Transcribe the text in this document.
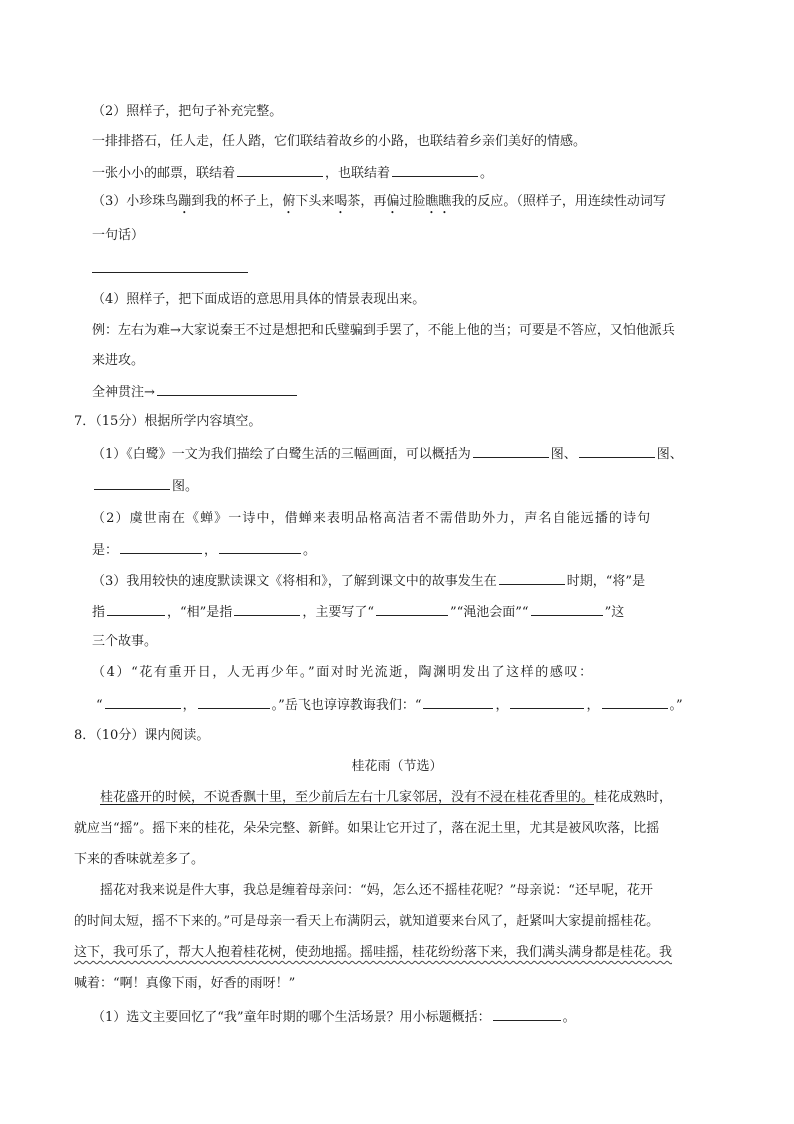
（2）照样子，把句子补充完整。
一排排搭石，任人走，任人踏，它们联结着故乡的小路，也联结着乡亲们美好的情感。
一张小小的邮票，联结着	，也联结着	。
（3）小珍珠鸟蹦到我的杯子上，俯下头来喝茶，再偏过脸瞧瞧我的反应。（照样子，用连续性动词写
一句话）
（4）照样子，把下面成语的意思用具体的情景表现出来。
例：左右为难→大家说秦王不过是想把和氏璧骗到手罢了，不能上他的当；可要是不答应，又怕他派兵
来进攻。
全神贯注→
7．（15分）根据所学内容填空。
（1）《白鹭》一文为我们描绘了白鹭生活的三幅画面，可以概括为	图、	图、
图。
（2）虞世南在《蝉》一诗中，借蝉来表明品格高洁者不需借助外力，声名自能远播的诗句
是：	，	。
（3）我用较快的速度默读课文《将相和》，了解到课文中的故事发生在	时期，“将”是
指	，“相”是指	，主要写了“	”“渑池会面”“	”这
三个故事。
（4）“花有重开日，人无再少年。”面对时光流逝，陶渊明发出了这样的感叹：
“	，	。”岳飞也谆谆教诲我们：“	，	，	。”
8．（10分）课内阅读。
桂花雨（节选）
桂花盛开的时候，不说香飘十里，至少前后左右十几家邻居，没有不浸在桂花香里的。桂花成熟时，
就应当“摇”。摇下来的桂花，朵朵完整、新鲜。如果让它开过了，落在泥土里，尤其是被风吹落，比摇
下来的香味就差多了。
摇花对我来说是件大事，我总是缠着母亲问：“妈，怎么还不摇桂花呢？”母亲说：“还早呢，花开
的时间太短，摇不下来的。”可是母亲一看天上布满阴云，就知道要来台风了，赶紧叫大家提前摇桂花。
这下，我可乐了，帮大人抱着桂花树，使劲地摇。摇哇摇，桂花纷纷落下来，我们满头满身都是桂花。我
喊着：“啊！真像下雨，好香的雨呀！”
（1）选文主要回忆了“我”童年时期的哪个生活场景？用小标题概括：	。
